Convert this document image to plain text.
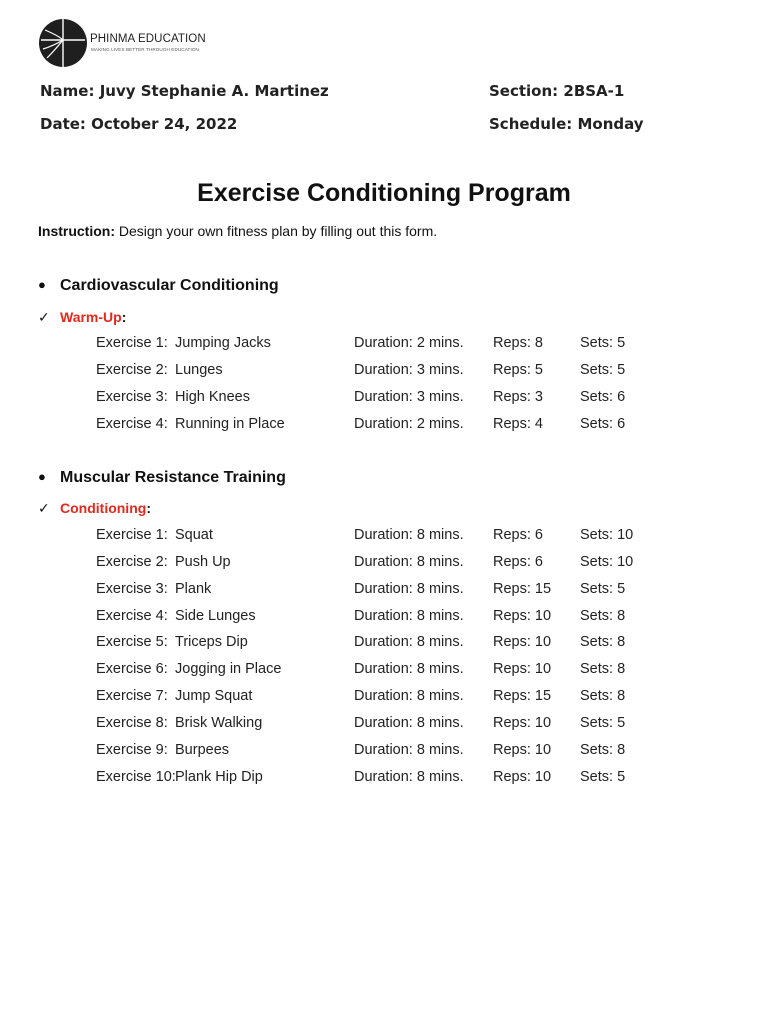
PHINMA EDUCATION
MAKING LIVES BETTER THROUGH EDUCATION
Name: Juvy Stephanie A. Martinez	Section: 2BSA-1
Date: October 24, 2022	Schedule: Monday
Exercise Conditioning Program
Instruction: Design your own fitness plan by filling out this form.
● Cardiovascular Conditioning
✓ Warm-Up:
Exercise 1: Jumping Jacks	Duration: 2 mins. Reps: 8	Sets: 5
Exercise 2: Lunges	Duration: 3 mins. Reps: 5	Sets: 5
Exercise 3: High Knees	Duration: 3 mins. Reps: 3	Sets: 6
Exercise 4: Running in Place	Duration: 2 mins. Reps: 4	Sets: 6
● Muscular Resistance Training
✓ Conditioning:
Exercise 1: Squat	Duration: 8 mins. Reps: 6	Sets: 10
Exercise 2: Push Up	Duration: 8 mins. Reps: 6	Sets: 10
Exercise 3: Plank	Duration: 8 mins. Reps: 15 Sets: 5
Exercise 4: Side Lunges	Duration: 8 mins. Reps: 10 Sets: 8
Exercise 5: Triceps Dip	Duration: 8 mins. Reps: 10 Sets: 8
Exercise 6: Jogging in Place	Duration: 8 mins. Reps: 10 Sets: 8
Exercise 7: Jump Squat	Duration: 8 mins. Reps: 15 Sets: 8
Exercise 8: Brisk Walking	Duration: 8 mins. Reps: 10 Sets: 5
Exercise 9: Burpees	Duration: 8 mins. Reps: 10 Sets: 8
Exercise 10: Plank Hip Dip	Duration: 8 mins. Reps: 10 Sets: 5
